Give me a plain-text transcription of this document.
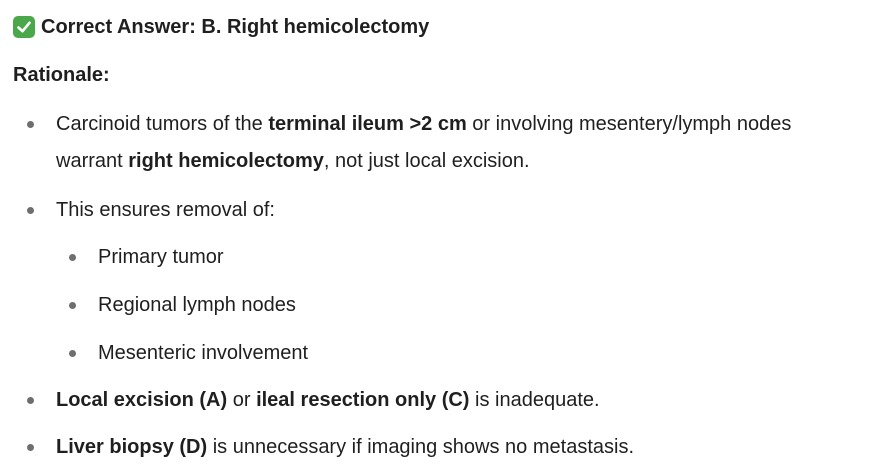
Correct Answer: B. Right hemicolectomy
Rationale:
Carcinoid tumors of the terminal ileum >2 cm or involving mesentery/lymph nodes
warrant right hemicolectomy, not just local excision.
This ensures removal of:
Primary tumor
Regional lymph nodes
Mesenteric involvement
Local excision (A) or ileal resection only (C) is inadequate.
Liver biopsy (D) is unnecessary if imaging shows no metastasis.
